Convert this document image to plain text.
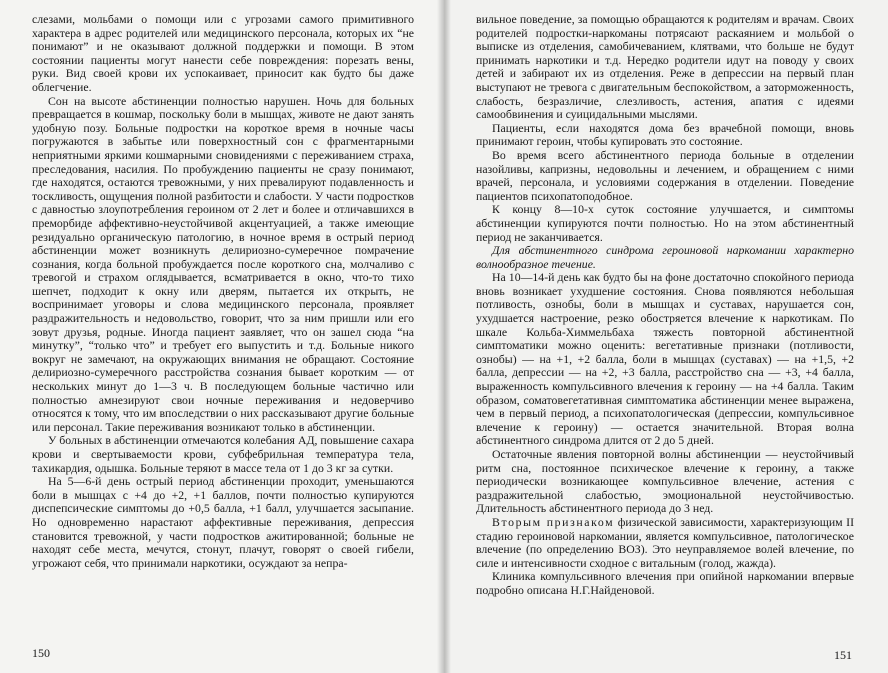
слезами, мольбами о помощи или с угрозами самого примитивного характера в адрес родителей или медицинского персонала, которых их “не понимают” и не оказывают должной поддержки и помощи. В этом состоянии пациенты могут нанести себе повреждения: порезать вены, руки. Вид своей крови их успокаивает, приносит как будто бы даже облегчение.

Сон на высоте абстиненции полностью нарушен. Ночь для больных превращается в кошмар, поскольку боли в мышцах, животе не дают занять удобную позу. Больные подростки на короткое время в ночные часы погружаются в забытье или поверхностный сон с фрагментарными неприятными яркими кошмарными сновидениями с переживанием страха, преследования, насилия. По пробуждению пациенты не сразу понимают, где находятся, остаются тревожными, у них превалируют подавленность и тоскливость, ощущения полной разбитости и слабости. У части подростков с давностью злоупотребления героином от 2 лет и более и отличавшихся в преморбиде аффективно-неустойчивой акцентуацией, а также имеющие резидуально органическую патологию, в ночное время в острый период абстиненции может возникнуть делириозно-сумеречное помрачение сознания, когда больной пробуждается после короткого сна, молчаливо с тревогой и страхом оглядывается, всматривается в окно, что-то тихо шепчет, подходит к окну или дверям, пытается их открыть, не воспринимает уговоры и слова медицинского персонала, проявляет раздражительность и недовольство, говорит, что за ним пришли или его зовут друзья, родные. Иногда пациент заявляет, что он зашел сюда “на минутку”, “только что” и требует его выпустить и т.д. Больные никого вокруг не замечают, на окружающих внимания не обращают. Состояние делириозно-сумеречного расстройства сознания бывает коротким — от нескольких минут до 1—3 ч. В последующем больные частично или полностью амнезируют свои ночные переживания и недоверчиво относятся к тому, что им впоследствии о них рассказывают другие больные или персонал. Такие переживания возникают только в абстиненции.

У больных в абстиненции отмечаются колебания АД, повышение сахара крови и свертываемости крови, субфебрильная температура тела, тахикардия, одышка. Больные теряют в массе тела от 1 до 3 кг за сутки.

На 5—6-й день острый период абстиненции проходит, уменьшаются боли в мышцах с +4 до +2, +1 баллов, почти полностью купируются диспепсические симптомы до +0,5 балла, +1 балл, улучшается засыпание. Но одновременно нарастают аффективные переживания, депрессия становится тревожной, у части подростков ажитированной; больные не находят себе места, мечутся, стонут, плачут, говорят о своей гибели, угрожают себя, что принимали наркотики, осуждают за непра-

150

вильное поведение, за помощью обращаются к родителям и врачам. Своих родителей подростки-наркоманы потрясают раскаянием и мольбой о выписке из отделения, самобичеванием, клятвами, что больше не будут принимать наркотики и т.д. Нередко родители идут на поводу у своих детей и забирают их из отделения. Реже в депрессии на первый план выступают не тревога с двигательным беспокойством, а заторможенность, слабость, безразличие, слезливость, астения, апатия с идеями самообвинения и суицидальными мыслями.

Пациенты, если находятся дома без врачебной помощи, вновь принимают героин, чтобы купировать это состояние.

Во время всего абстинентного периода больные в отделении назойливы, капризны, недовольны и лечением, и обращением с ними врачей, персонала, и условиями содержания в отделении. Поведение пациентов психопатоподобное.

К концу 8—10-х суток состояние улучшается, и симптомы абстиненции купируются почти полностью. Но на этом абстинентный период не заканчивается.

Для абстинентного синдрома героиновой наркомании характерно волнообразное течение.

На 10—14-й день как будто бы на фоне достаточно спокойного периода вновь возникает ухудшение состояния. Снова появляются небольшая потливость, ознобы, боли в мышцах и суставах, нарушается сон, ухудшается настроение, резко обостряется влечение к наркотикам. По шкале Кольба-Химмельбаха тяжесть повторной абстинентной симптоматики можно оценить: вегетативные признаки (потливости, ознобы) — на +1, +2 балла, боли в мышцах (суставах) — на +1,5, +2 балла, депрессии — на +2, +3 балла, расстройство сна — +3, +4 балла, выраженность компульсивного влечения к героину — на +4 балла. Таким образом, соматовегетативная симптоматика абстиненции менее выражена, чем в первый период, а психопатологическая (депрессии, компульсивное влечение к героину) — остается значительной. Вторая волна абстинентного синдрома длится от 2 до 5 дней.

Остаточные явления повторной волны абстиненции — неустойчивый ритм сна, постоянное психическое влечение к героину, а также периодически возникающее компульсивное влечение, астения с раздражительной слабостью, эмоциональной неустойчивостью. Длительность абстинентного периода до 3 нед.

Вторым признаком физической зависимости, характеризующим II стадию героиновой наркомании, является компульсивное, патологическое влечение (по определению ВОЗ). Это неуправляемое волей влечение, по силе и интенсивности сходное с витальным (голод, жажда).

Клиника компульсивного влечения при опийной наркомании впервые подробно описана Н.Г.Найденовой.

151
